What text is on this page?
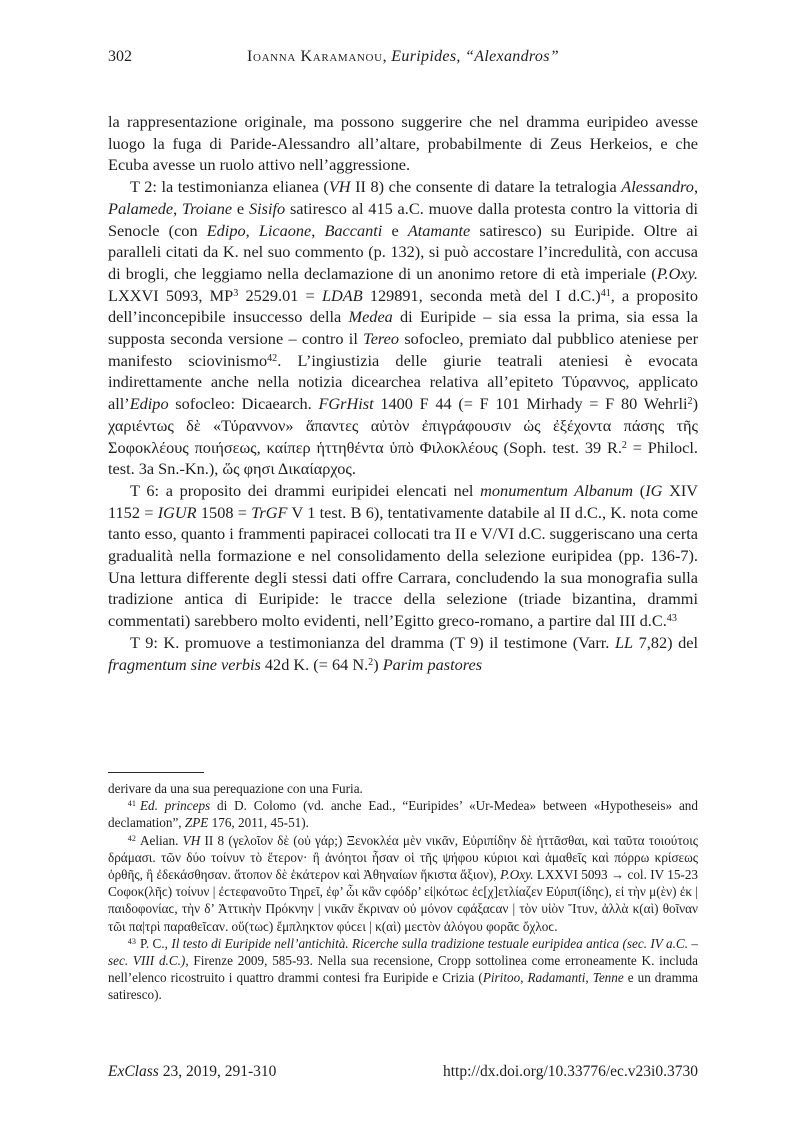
302	Ioanna Karamanou, Euripides, “Alexandros”

la rappresentazione originale, ma possono suggerire che nel dramma euripideo avesse luogo la fuga di Paride-Alessandro all’altare, probabilmente di Zeus Herkeios, e che Ecuba avesse un ruolo attivo nell’aggressione.

T 2: la testimonianza elianea (VH II 8) che consente di datare la tetralogia Alessandro, Palamede, Troiane e Sisifo satiresco al 415 a.C. muove dalla protesta contro la vittoria di Senocle (con Edipo, Licaone, Baccanti e Atamante satiresco) su Euripide. Oltre ai paralleli citati da K. nel suo commento (p. 132), si può accostare l’incredulità, con accusa di brogli, che leggiamo nella declamazione di un anonimo retore di età imperiale (P.Oxy. LXXVI 5093, $MP^3$ 2529.01 = LDAB 129891, seconda metà del I d.C.)$^{41}$, a proposito dell’inconcepibile insuccesso della Medea di Euripide – sia essa la prima, sia essa la supposta seconda versione – contro il Tereo sofocleo, premiato dal pubblico ateniese per manifesto sciovinismo$^{42}$. L’ingiustizia delle giurie teatrali ateniesi è evocata indirettamente anche nella notizia dicearchea relativa all’epiteto Τύραννος, applicato all’Edipo sofocleo: Dicaearch. FGrHist 1400 F 44 (= F 101 Mirhady = F 80 Wehrli$^2$) χαριέντως δὲ «Τύραννον» ἅπαντες αὐτὸν ἐπιγράφουσιν ὡς ἐξέχοντα πάσης τῆς Σοφοκλέους ποιήσεως, καίπερ ἡττηθέντα ὑπὸ Φιλοκλέους (Soph. test. 39 R.$^2$ = Philocl. test. 3a Sn.-Kn.), ὥς φησι Δικαίαρχος.

T 6: a proposito dei drammi euripidei elencati nel monumentum Albanum (IG XIV 1152 = IGUR 1508 = TrGF V 1 test. B 6), tentativamente databile al II d.C., K. nota come tanto esso, quanto i frammenti papiracei collocati tra II e V/VI d.C. suggeriscano una certa gradualità nella formazione e nel consolidamento della selezione euripidea (pp. 136-7). Una lettura differente degli stessi dati offre Carrara, concludendo la sua monografia sulla tradizione antica di Euripide: le tracce della selezione (triade bizantina, drammi commentati) sarebbero molto evidenti, nell’Egitto greco-romano, a partire dal III d.C.$^{43}$

T 9: K. promuove a testimonianza del dramma (T 9) il testimone (Varr. LL 7,82) del fragmentum sine verbis 42d K. (= 64 N.$^2$) Parim pastores

derivare da una sua perequazione con una Furia.

$^{41}$ Ed. princeps di D. Colomo (vd. anche Ead., “Euripides’ «Ur-Medea» between «Hypotheseis» and declamation”, ZPE 176, 2011, 45-51).

$^{42}$ Aelian. VH II 8 (γελοῖον δὲ (οὐ γάρ;) Ξενοκλέα μὲν νικᾶν, Εὐριπίδην δὲ ἡττᾶσθαι, καὶ ταῦτα τοιούτοις δράμασι. τῶν δύο τοίνυν τὸ ἕτερον· ἢ ἀνόητοι ἦσαν οἱ τῆς ψήφου κύριοι καὶ ἀμαθεῖς καὶ πόρρω κρίσεως ὀρθῆς, ἢ ἐδεκάσθησαν. ἄτοπον δὲ ἑκάτερον καὶ Ἀθηναίων ἥκιστα ἄξιον), P.Oxy. LXXVI 5093 → col. IV 15-23 Ϲοφοκ(λῆϲ) τοίνυν | ἐϲτεφανοῦτο Τηρεῖ, ἐφ’ ὧι κἂν ϲφόδρ’ εἰ|κότωϲ ἐϲ[χ]ετλίαζεν Εὐριπ(ίδηϲ), εἰ τὴν μ(ὲν) ἐκ | παιδοφονίαϲ, τὴν δ’ Ἀττικὴν Πρόκνην | νικᾶν ἔκριναν οὐ μόνον ϲφάξαϲαν | τὸν υἱὸν Ἴτυν, ἀλλὰ κ(αὶ) θοῖναν τῶι πα|τρὶ παραθεῖϲαν. οὕ(τωϲ) ἔμπληκτον φύϲει | κ(αὶ) μεϲτὸν ἀλόγου φορᾶϲ ὄχλοϲ.

$^{43}$ P. C., Il testo di Euripide nell’antichità. Ricerche sulla tradizione testuale euripidea antica (sec. IV a.C. – sec. VIII d.C.), Firenze 2009, 585-93. Nella sua recensione, Cropp sottolinea come erroneamente K. includa nell’elenco ricostruito i quattro drammi contesi fra Euripide e Crizia (Piritoo, Radamanti, Tenne e un dramma satiresco).

ExClass 23, 2019, 291-310	http://dx.doi.org/10.33776/ec.v23i0.3730
